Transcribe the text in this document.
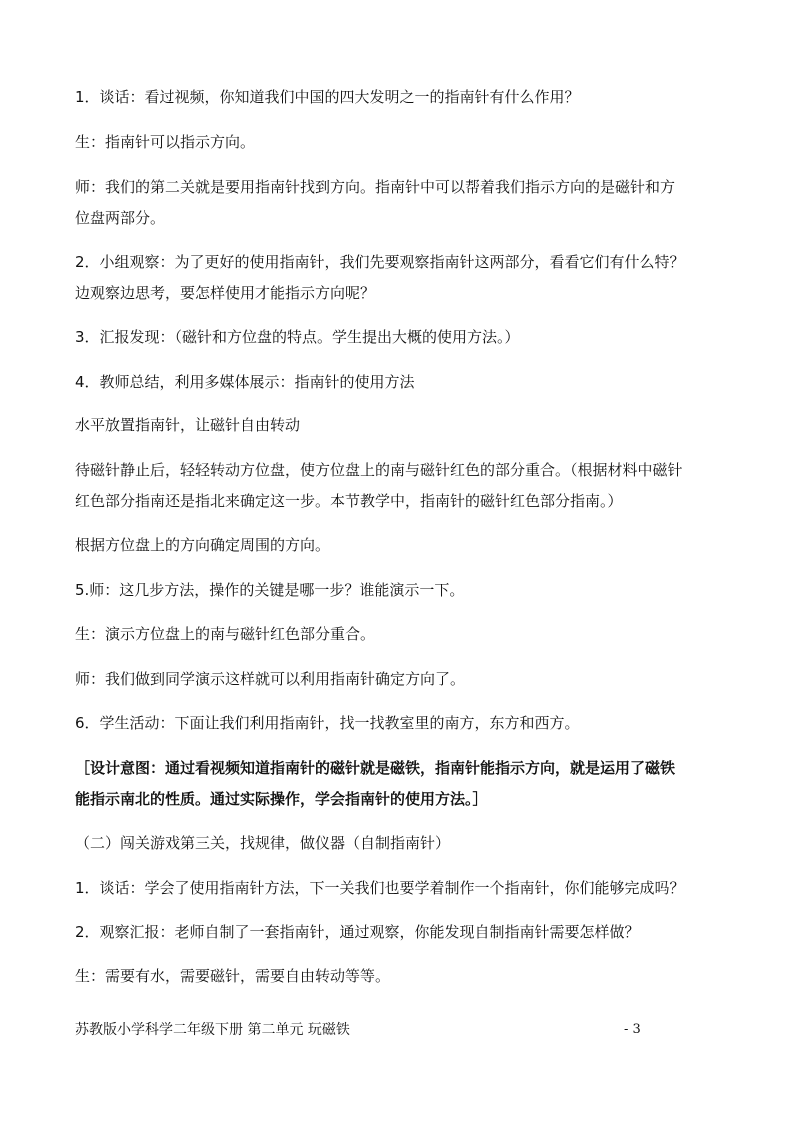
1．谈话：看过视频，你知道我们中国的四大发明之一的指南针有什么作用？
生：指南针可以指示方向。
师：我们的第二关就是要用指南针找到方向。指南针中可以帮着我们指示方向的是磁针和方
位盘两部分。
2．小组观察：为了更好的使用指南针，我们先要观察指南针这两部分，看看它们有什么特？
边观察边思考，要怎样使用才能指示方向呢？
3．汇报发现：（磁针和方位盘的特点。学生提出大概的使用方法。）
4．教师总结，利用多媒体展示：指南针的使用方法
水平放置指南针，让磁针自由转动
待磁针静止后，轻轻转动方位盘，使方位盘上的南与磁针红色的部分重合。（根据材料中磁针
红色部分指南还是指北来确定这一步。本节教学中，指南针的磁针红色部分指南。）
根据方位盘上的方向确定周围的方向。
5.师：这几步方法，操作的关键是哪一步？谁能演示一下。
生：演示方位盘上的南与磁针红色部分重合。
师：我们做到同学演示这样就可以利用指南针确定方向了。
6．学生活动：下面让我们利用指南针，找一找教室里的南方，东方和西方。
［设计意图：通过看视频知道指南针的磁针就是磁铁，指南针能指示方向，就是运用了磁铁
能指示南北的性质。通过实际操作，学会指南针的使用方法。］
（二）闯关游戏第三关，找规律，做仪器（自制指南针）
1．谈话：学会了使用指南针方法，下一关我们也要学着制作一个指南针，你们能够完成吗？
2．观察汇报：老师自制了一套指南针，通过观察，你能发现自制指南针需要怎样做？
生：需要有水，需要磁针，需要自由转动等等。
苏教版小学科学二年级下册 第二单元 玩磁铁	- 3
